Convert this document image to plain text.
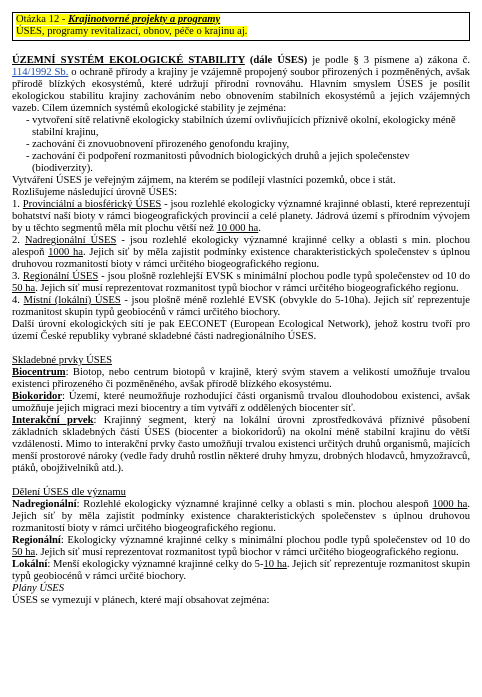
Otázka 12 - Krajinotvorné projekty a programy
ÚSES, programy revitalizací, obnov, péče o krajinu aj.

ÚZEMNÍ SYSTÉM EKOLOGICKÉ STABILITY (dále ÚSES) je podle § 3 písmene a) zákona č. 114/1992 Sb. o ochraně přírody a krajiny je vzájemně propojený soubor přirozených i pozměněných, avšak přírodě blízkých ekosystémů, které udržují přírodní rovnováhu. Hlavním smyslem ÚSES je posílit ekologickou stabilitu krajiny zachováním nebo obnovením stabilních ekosystémů a jejich vzájemných vazeb. Cílem územních systémů ekologické stability je zejména:

- vytvoření sítě relativně ekologicky stabilních území ovlivňujících příznivě okolní, ekologicky méně stabilní krajinu,

- zachování či znovuobnovení přirozeného genofondu krajiny,

- zachování či podpoření rozmanitosti původních biologických druhů a jejich společenstev (biodiverzity).

Vytváření ÚSES je veřejným zájmem, na kterém se podílejí vlastníci pozemků, obce i stát.

Rozlišujeme následující úrovně ÚSES:

1. Provinciální a biosférický ÚSES - jsou rozlehlé ekologicky významné krajinné oblasti, které reprezentují bohatství naší bioty v rámci biogeografických provincií a celé planety. Jádrová území s přírodním vývojem by u těchto segmentů měla mít plochu větší než 10 000 ha.

2. Nadregionální ÚSES - jsou rozlehlé ekologicky významné krajinné celky a oblasti s min. plochou alespoň 1000 ha. Jejich síť by měla zajistit podmínky existence charakteristických společenstev s úplnou druhovou rozmanitostí bioty v rámci určitého biogeografického regionu.

3. Regionální ÚSES - jsou plošně rozlehlejší EVSK s minimální plochou podle typů společenstev od 10 do 50 ha. Jejich síť musí reprezentovat rozmanitost typů biochor v rámci určitého biogeografického regionu.

4. Místní (lokální) ÚSES - jsou plošně méně rozlehlé EVSK (obvykle do 5-10ha). Jejich síť reprezentuje rozmanitost skupin typů geobiocénů v rámci určitého biochory.

Další úrovní ekologických sítí je pak EECONET (European Ecological Network), jehož kostru tvoří pro území České republiky vybrané skladebné části nadregionálního ÚSES.

Skladebné prvky ÚSES

Biocentrum: Biotop, nebo centrum biotopů v krajině, který svým stavem a velikostí umožňuje trvalou existenci přirozeného či pozměněného, avšak přírodě blízkého ekosystému.

Biokoridor: Území, které neumožňuje rozhodující části organismů trvalou dlouhodobou existenci, avšak umožňuje jejich migraci mezi biocentry a tím vytváří z oddělených biocenter síť.

Interakční prvek: Krajinný segment, který na lokální úrovni zprostředkovává příznivé působení základních skladebných částí ÚSES (biocenter a biokoridorů) na okolní méně stabilní krajinu do větší vzdálenosti. Mimo to interakční prvky často umožňují trvalou existenci určitých druhů organismů, majících menší prostorové nároky (vedle řady druhů rostlin některé druhy hmyzu, drobných hlodavců, hmyzožravců, ptáků, obojživelníků atd.).

Dělení ÚSES dle významu

Nadregionální: Rozlehlé ekologicky významné krajinné celky a oblasti s min. plochou alespoň 1000 ha. Jejich síť by měla zajistit podmínky existence charakteristických společenstev s úplnou druhovou rozmanitostí bioty v rámci určitého biogeografického regionu.

Regionální: Ekologicky významné krajinné celky s minimální plochou podle typů společenstev od 10 do 50 ha. Jejich síť musí reprezentovat rozmanitost typů biochor v rámci určitého biogeografického regionu.

Lokální: Menší ekologicky významné krajinné celky do 5-10 ha. Jejich síť reprezentuje rozmanitost skupin typů geobiocénů v rámci určité biochory.

Plány ÚSES

ÚSES se vymezují v plánech, které mají obsahovat zejména:
